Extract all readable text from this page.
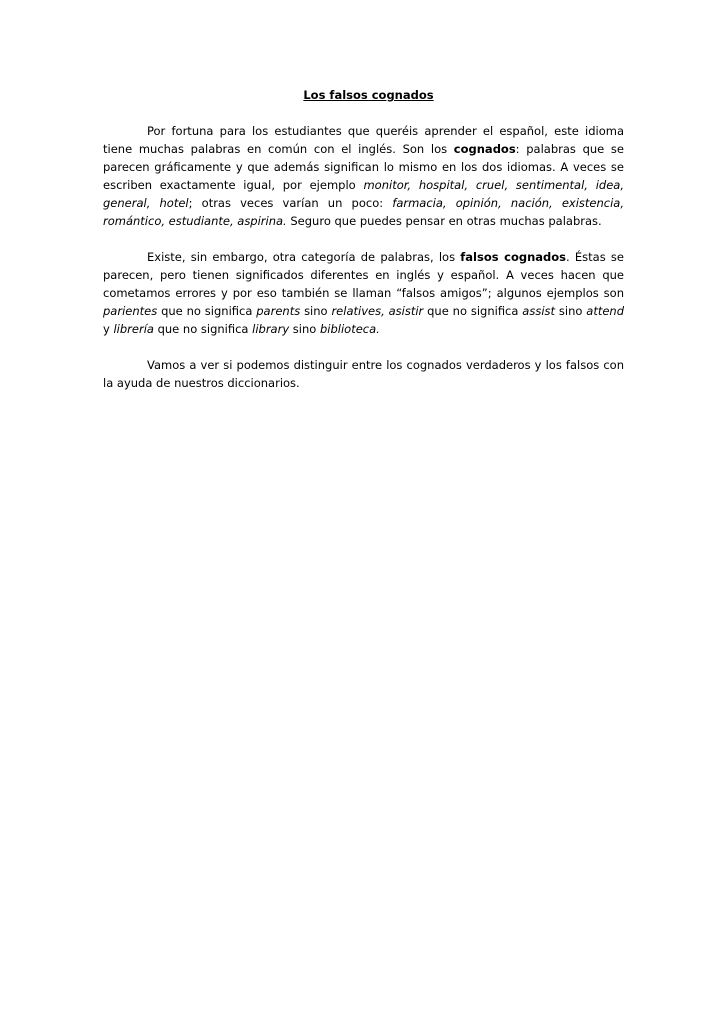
Los falsos cognados

Por fortuna para los estudiantes que queréis aprender el español, este idioma tiene muchas palabras en común con el inglés. Son los cognados: palabras que se parecen gráficamente y que además significan lo mismo en los dos idiomas. A veces se escriben exactamente igual, por ejemplo monitor, hospital, cruel, sentimental, idea, general, hotel; otras veces varían un poco: farmacia, opinión, nación, existencia, romántico, estudiante, aspirina. Seguro que puedes pensar en otras muchas palabras.

Existe, sin embargo, otra categoría de palabras, los falsos cognados. Éstas se parecen, pero tienen significados diferentes en inglés y español. A veces hacen que cometamos errores y por eso también se llaman “falsos amigos”; algunos ejemplos son parientes que no significa parents sino relatives, asistir que no significa assist sino attend y librería que no significa library sino biblioteca.

Vamos a ver si podemos distinguir entre los cognados verdaderos y los falsos con la ayuda de nuestros diccionarios.
